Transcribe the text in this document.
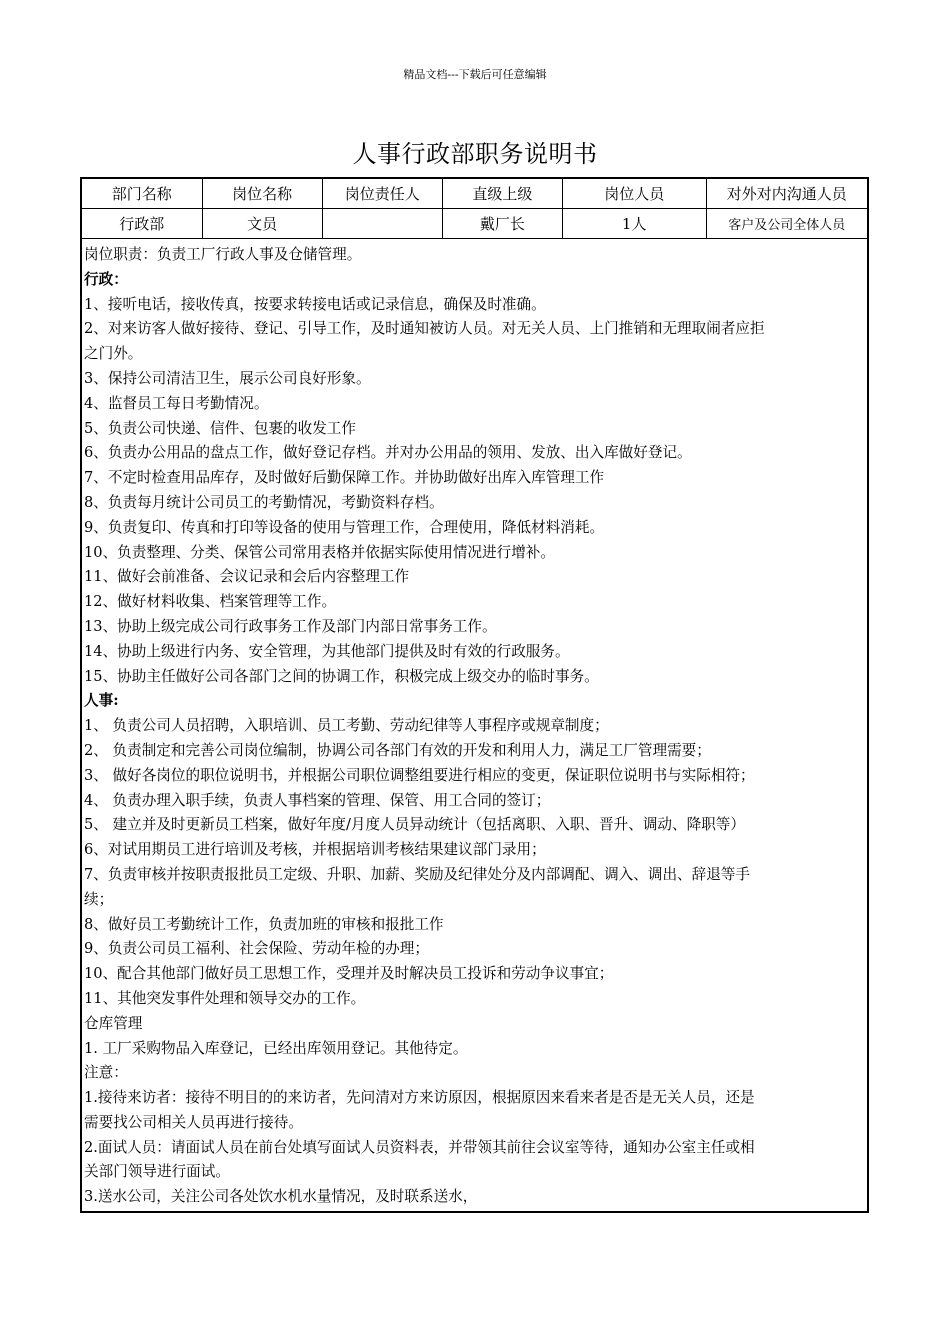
精品文档---下载后可任意编辑
人事行政部职务说明书
部门名称	岗位名称	岗位责任人	直级上级	岗位人员	对外对内沟通人员
行政部	文员		戴厂长	1人	客户及公司全体人员
岗位职责：负责工厂行政人事及仓储管理。
行政：
1、接听电话，接收传真，按要求转接电话或记录信息，确保及时准确。
2、对来访客人做好接待、登记、引导工作，及时通知被访人员。对无关人员、上门推销和无理取闹者应拒
之门外。
3、保持公司清洁卫生，展示公司良好形象。
4、监督员工每日考勤情况。
5、负责公司快递、信件、包裹的收发工作
6、负责办公用品的盘点工作，做好登记存档。并对办公用品的领用、发放、出入库做好登记。
7、不定时检查用品库存，及时做好后勤保障工作。并协助做好出库入库管理工作
8、负责每月统计公司员工的考勤情况，考勤资料存档。
9、负责复印、传真和打印等设备的使用与管理工作，合理使用，降低材料消耗。
10、负责整理、分类、保管公司常用表格并依据实际使用情况进行增补。
11、做好会前准备、会议记录和会后内容整理工作
12、做好材料收集、档案管理等工作。
13、协助上级完成公司行政事务工作及部门内部日常事务工作。
14、协助上级进行内务、安全管理，为其他部门提供及时有效的行政服务。
15、协助主任做好公司各部门之间的协调工作，积极完成上级交办的临时事务。
人事:
1、 负责公司人员招聘，入职培训、员工考勤、劳动纪律等人事程序或规章制度；
2、 负责制定和完善公司岗位编制，协调公司各部门有效的开发和利用人力，满足工厂管理需要；
3、 做好各岗位的职位说明书，并根据公司职位调整组要进行相应的变更，保证职位说明书与实际相符；
4、 负责办理入职手续，负责人事档案的管理、保管、用工合同的签订；
5、 建立并及时更新员工档案，做好年度/月度人员异动统计（包括离职、入职、晋升、调动、降职等）
6、对试用期员工进行培训及考核，并根据培训考核结果建议部门录用；
7、负责审核并按职责报批员工定级、升职、加薪、奖励及纪律处分及内部调配、调入、调出、辞退等手
续；
8、做好员工考勤统计工作，负责加班的审核和报批工作
9、负责公司员工福利、社会保险、劳动年检的办理；
10、配合其他部门做好员工思想工作，受理并及时解决员工投诉和劳动争议事宜；
11、其他突发事件处理和领导交办的工作。
仓库管理
1. 工厂采购物品入库登记，已经出库领用登记。其他待定。
注意：
1.接待来访者：接待不明目的的来访者，先问清对方来访原因，根据原因来看来者是否是无关人员，还是
需要找公司相关人员再进行接待。
2.面试人员：请面试人员在前台处填写面试人员资料表，并带领其前往会议室等待，通知办公室主任或相
关部门领导进行面试。
3.送水公司，关注公司各处饮水机水量情况，及时联系送水，
